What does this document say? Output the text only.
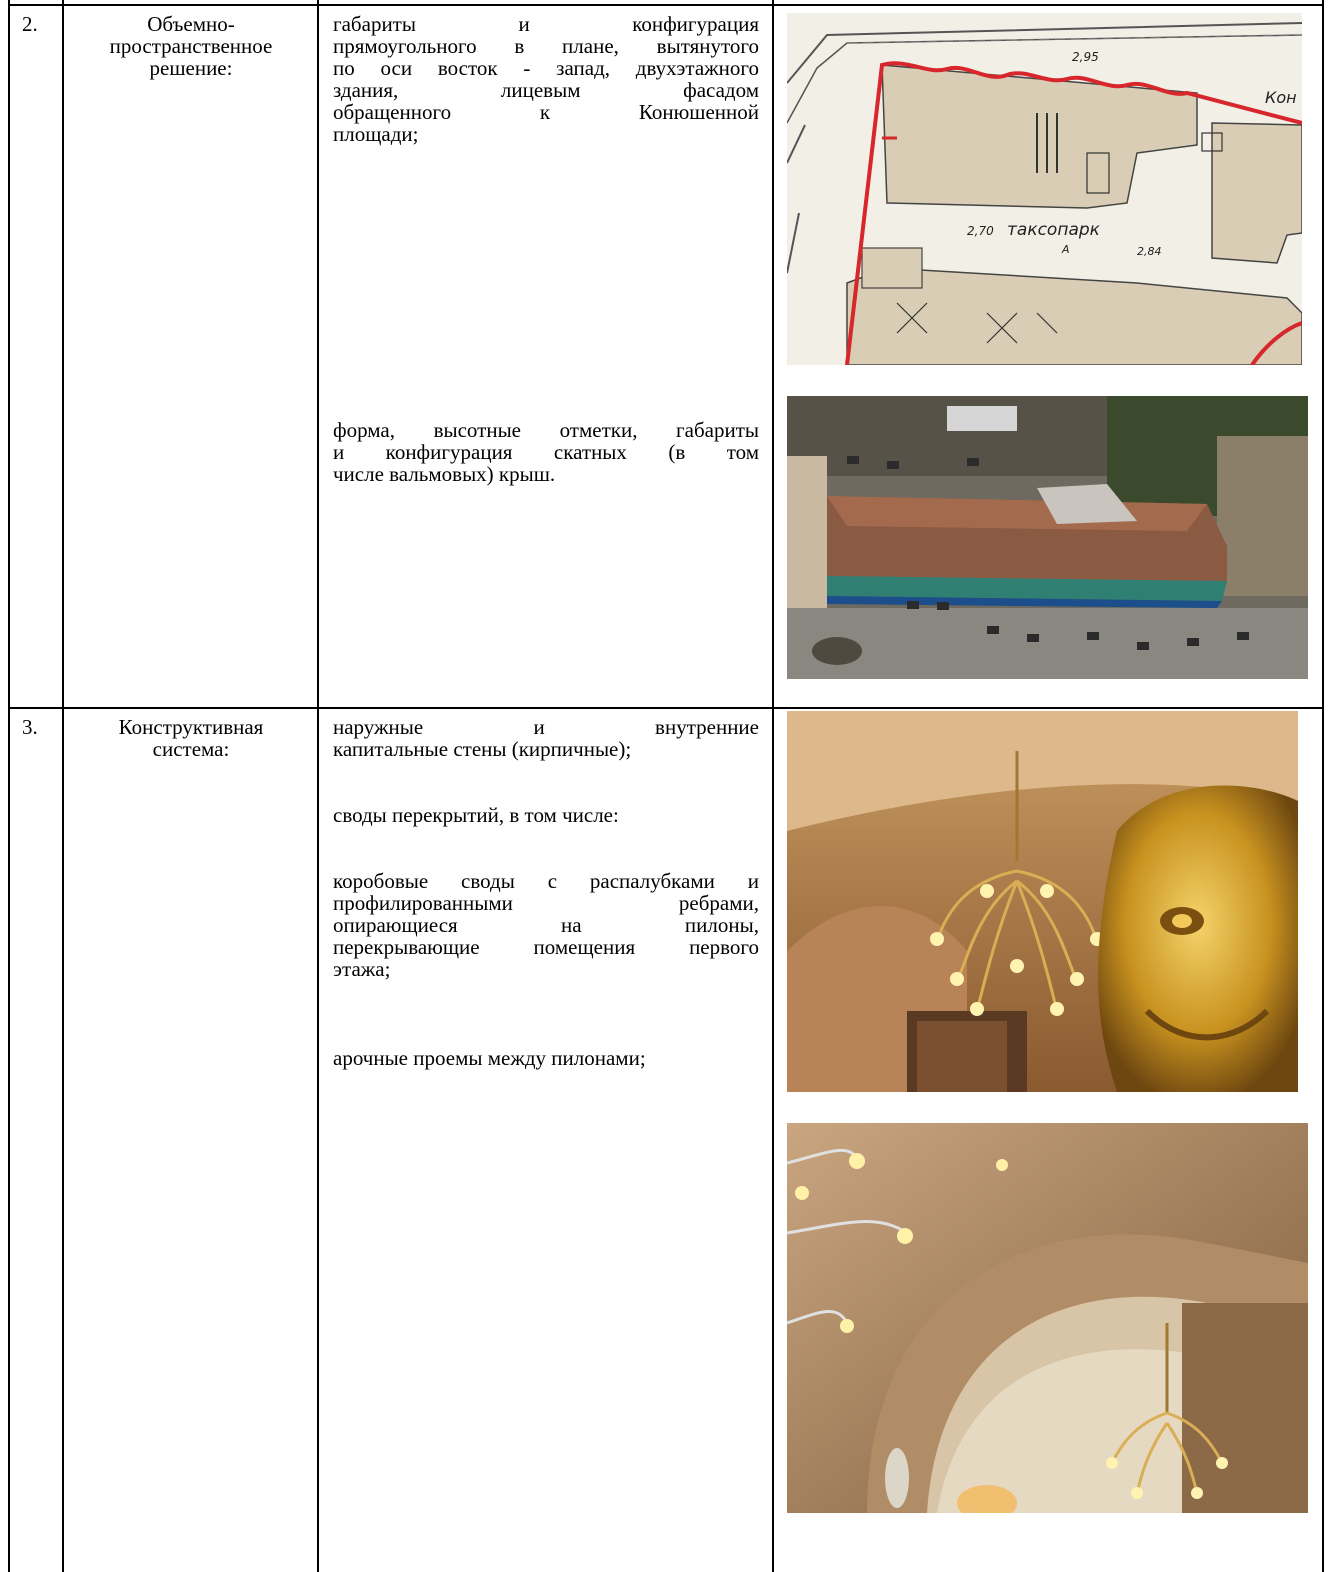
2.	Объемно-
пространственное
решение:
габариты и конфигурация
прямоугольного в плане, вытянутого
по оси восток - запад, двухэтажного
здания, лицевым фасадом
обращенного к Конюшенной
площади;
форма, высотные отметки, габариты
и конфигурация скатных (в том
числе вальмовых) крыш.
2,95
2,70
2,84
таксопарк
А
Кон
3.	Конструктивная
система:
наружные и внутренние
капитальные стены (кирпичные);
своды перекрытий, в том числе:
коробовые своды с распалубками и
профилированными ребрами,
опирающиеся на пилоны,
перекрывающие помещения первого
этажа;
арочные проемы между пилонами;
